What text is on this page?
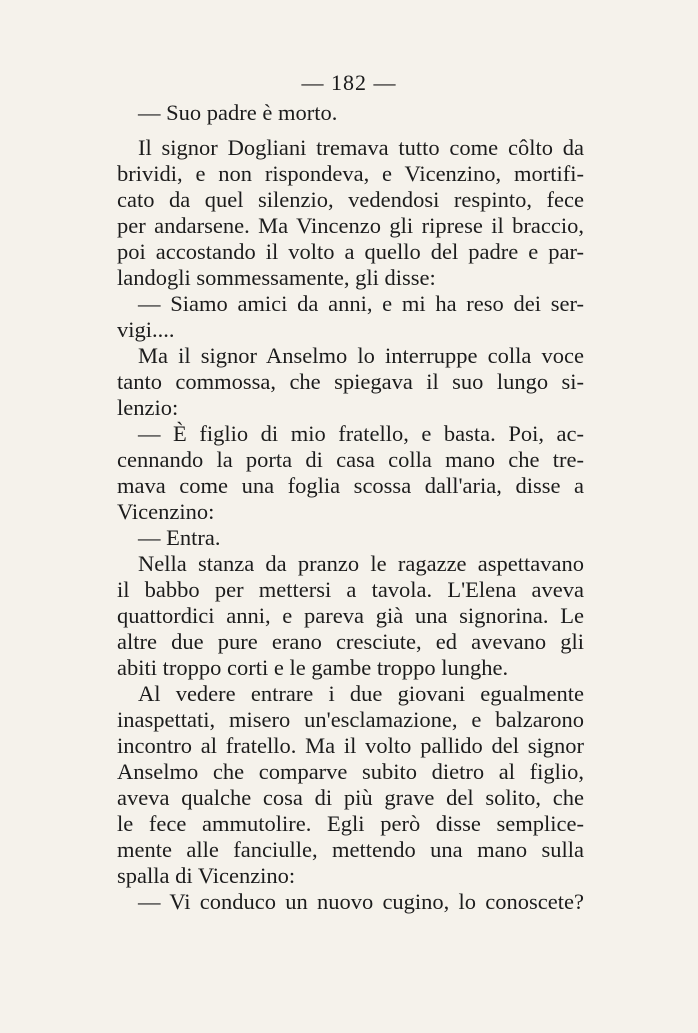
— 182 —
— Suo padre è morto.
Il signor Dogliani tremava tutto come côlto da
brividi, e non rispondeva, e Vicenzino, mortifi-
cato da quel silenzio, vedendosi respinto, fece
per andarsene. Ma Vincenzo gli riprese il braccio,
poi accostando il volto a quello del padre e par-
landogli sommessamente, gli disse:
— Siamo amici da anni, e mi ha reso dei ser-
vigi....
Ma il signor Anselmo lo interruppe colla voce
tanto commossa, che spiegava il suo lungo si-
lenzio:
— È figlio di mio fratello, e basta. Poi, ac-
cennando la porta di casa colla mano che tre-
mava come una foglia scossa dall'aria, disse a
Vicenzino:
— Entra.
Nella stanza da pranzo le ragazze aspettavano
il babbo per mettersi a tavola. L'Elena aveva
quattordici anni, e pareva già una signorina. Le
altre due pure erano cresciute, ed avevano gli
abiti troppo corti e le gambe troppo lunghe.
Al vedere entrare i due giovani egualmente
inaspettati, misero un'esclamazione, e balzarono
incontro al fratello. Ma il volto pallido del signor
Anselmo che comparve subito dietro al figlio,
aveva qualche cosa di più grave del solito, che
le fece ammutolire. Egli però disse semplice-
mente alle fanciulle, mettendo una mano sulla
spalla di Vicenzino:
— Vi conduco un nuovo cugino, lo conoscete?
